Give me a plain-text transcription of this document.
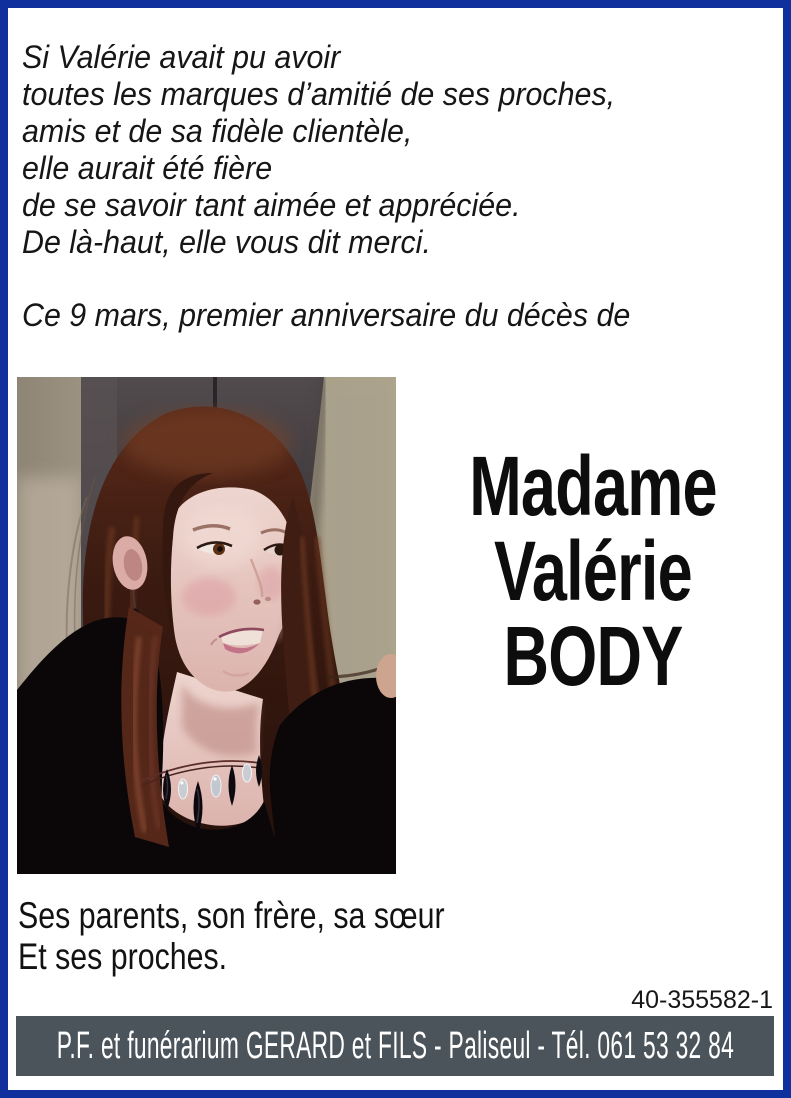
Si Valérie avait pu avoir
toutes les marques d’amitié de ses proches,
amis et de sa fidèle clientèle,
elle aurait été fière
de se savoir tant aimée et appréciée.
De là-haut, elle vous dit merci.
Ce 9 mars, premier anniversaire du décès de
Madame
Valérie
BODY
Ses parents, son frère, sa sœur
Et ses proches.
40-355582-1
P.F. et funérarium GERARD et FILS - Paliseul - Tél. 061 53 32 84
